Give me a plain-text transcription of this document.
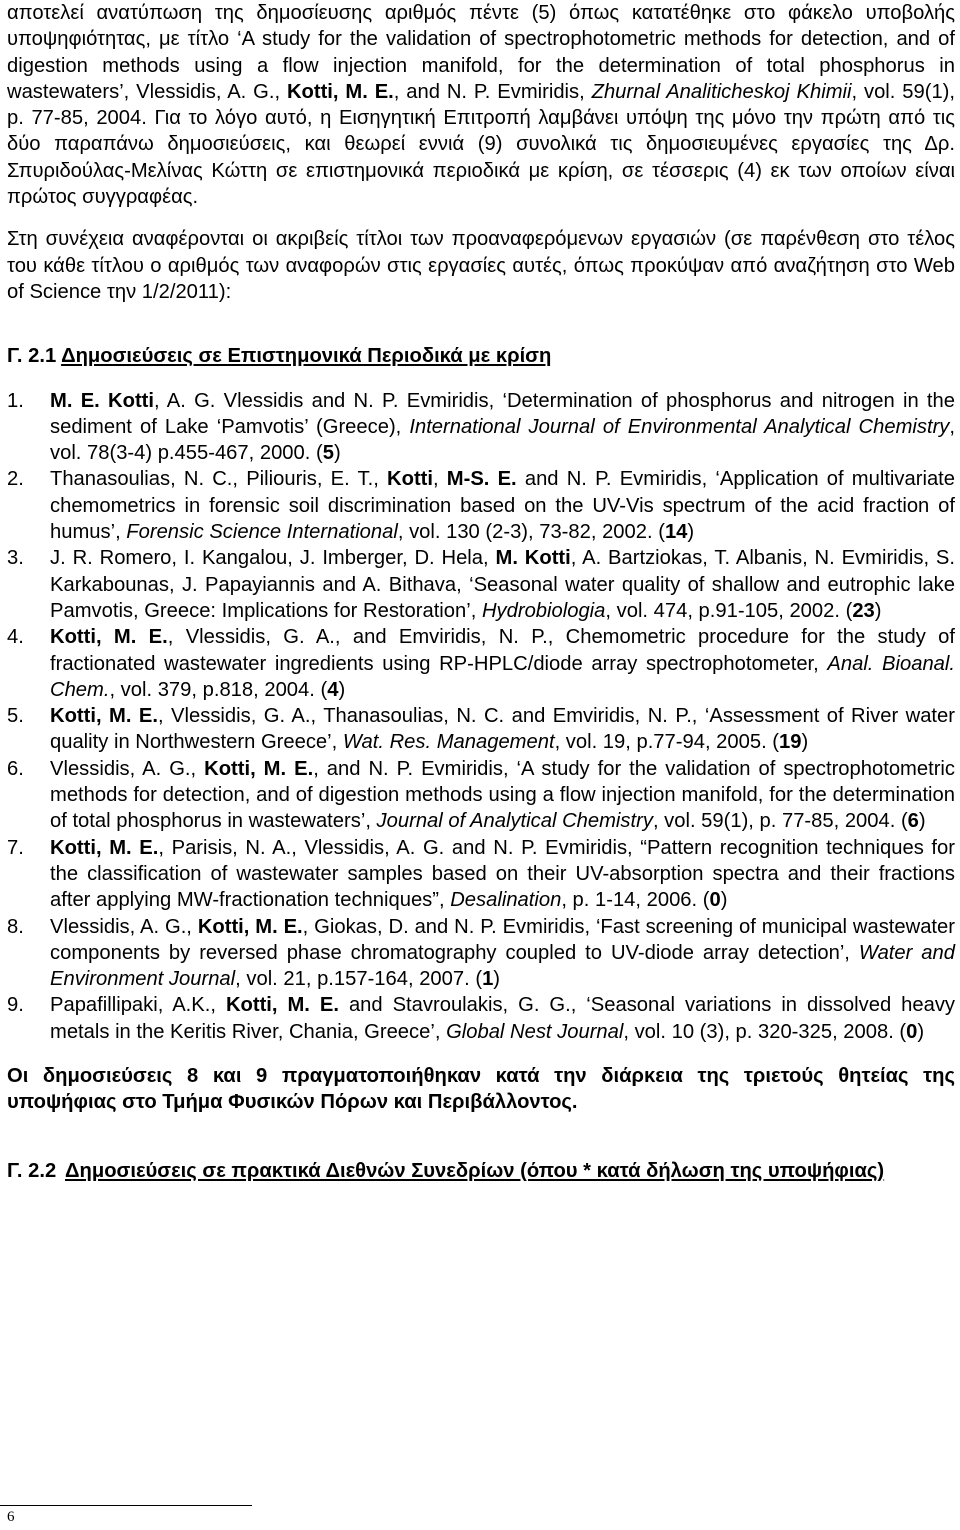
αποτελεί ανατύπωση της δημοσίευσης αριθμός πέντε (5) όπως κατατέθηκε στο φάκελο υποβολής υποψηφιότητας, με τίτλο ‘A study for the validation of spectrophotometric methods for detection, and of digestion methods using a flow injection manifold, for the determination of total phosphorus in wastewaters’, Vlessidis, A. G., Kotti, M. E., and N. P. Evmiridis, Zhurnal Analiticheskoj Khimii, vol. 59(1), p. 77-85, 2004. Για το λόγο αυτό, η Εισηγητική Επιτροπή λαμβάνει υπόψη της μόνο την πρώτη από τις δύο παραπάνω δημοσιεύσεις, και θεωρεί εννιά (9) συνολικά τις δημοσιευμένες εργασίες της Δρ. Σπυριδούλας-Μελίνας Κώττη σε επιστημονικά περιοδικά με κρίση, σε τέσσερις (4) εκ των οποίων είναι πρώτος συγγραφέας.

Στη συνέχεια αναφέρονται οι ακριβείς τίτλοι των προαναφερόμενων εργασιών (σε παρένθεση στο τέλος του κάθε τίτλου ο αριθμός των αναφορών στις εργασίες αυτές, όπως προκύψαν από αναζήτηση στο Web of Science την 1/2/2011):

Γ. 2.1 Δημοσιεύσεις σε Επιστημονικά Περιοδικά με κρίση

1.	M. E. Kotti, A. G. Vlessidis and N. P. Evmiridis, ‘Determination of phosphorus and nitrogen in the sediment of Lake ‘Pamvotis’ (Greece), International Journal of Environmental Analytical Chemistry, vol. 78(3-4) p.455-467, 2000. (5)
2.	Thanasoulias, N. C., Piliouris, E. T., Kotti, M-S. E. and N. P. Evmiridis, ‘Application of multivariate chemometrics in forensic soil discrimination based on the UV-Vis spectrum of the acid fraction of humus’, Forensic Science International, vol. 130 (2-3), 73-82, 2002. (14)
3.	J. R. Romero, I. Kangalou, J. Imberger, D. Hela, M. Kotti, A. Bartziokas, T. Albanis, N. Evmiridis, S. Karkabounas, J. Papayiannis and A. Bithava, ‘Seasonal water quality of shallow and eutrophic lake Pamvotis, Greece: Implications for Restoration’, Hydrobiologia, vol. 474, p.91-105, 2002. (23)
4.	Kotti, M. E., Vlessidis, G. A., and Emviridis, N. P., Chemometric procedure for the study of fractionated wastewater ingredients using RP-HPLC/diode array spectrophotometer, Anal. Bioanal. Chem., vol. 379, p.818, 2004. (4)
5.	Kotti, M. E., Vlessidis, G. A., Thanasoulias, N. C. and Emviridis, N. P., ‘Assessment of River water quality in Northwestern Greece’, Wat. Res. Management, vol. 19, p.77-94, 2005. (19)
6.	Vlessidis, A. G., Kotti, M. E., and N. P. Evmiridis, ‘A study for the validation of spectrophotometric methods for detection, and of digestion methods using a flow injection manifold, for the determination of total phosphorus in wastewaters’, Journal of Analytical Chemistry, vol. 59(1), p. 77-85, 2004. (6)
7.	Kotti, M. E., Parisis, N. A., Vlessidis, A. G. and N. P. Evmiridis, “Pattern recognition techniques for the classification of wastewater samples based on their UV-absorption spectra and their fractions after applying MW-fractionation techniques”, Desalination, p. 1-14, 2006. (0)
8.	Vlessidis, A. G., Kotti, M. E., Giokas, D. and N. P. Evmiridis, ‘Fast screening of municipal wastewater components by reversed phase chromatography coupled to UV-diode array detection’, Water and Environment Journal, vol. 21, p.157-164, 2007. (1)
9.	Papafillipaki, A.K., Kotti, M. E. and Stavroulakis, G. G., ‘Seasonal variations in dissolved heavy metals in the Keritis River, Chania, Greece’, Global Nest Journal, vol. 10 (3), p. 320-325, 2008. (0)

Οι δημοσιεύσεις 8 και 9 πραγματοποιήθηκαν κατά την διάρκεια της τριετούς θητείας της υποψήφιας στο Τμήμα Φυσικών Πόρων και Περιβάλλοντος.

Γ. 2.2 Δημοσιεύσεις σε πρακτικά Διεθνών Συνεδρίων (όπου * κατά δήλωση της υποψήφιας)
6
